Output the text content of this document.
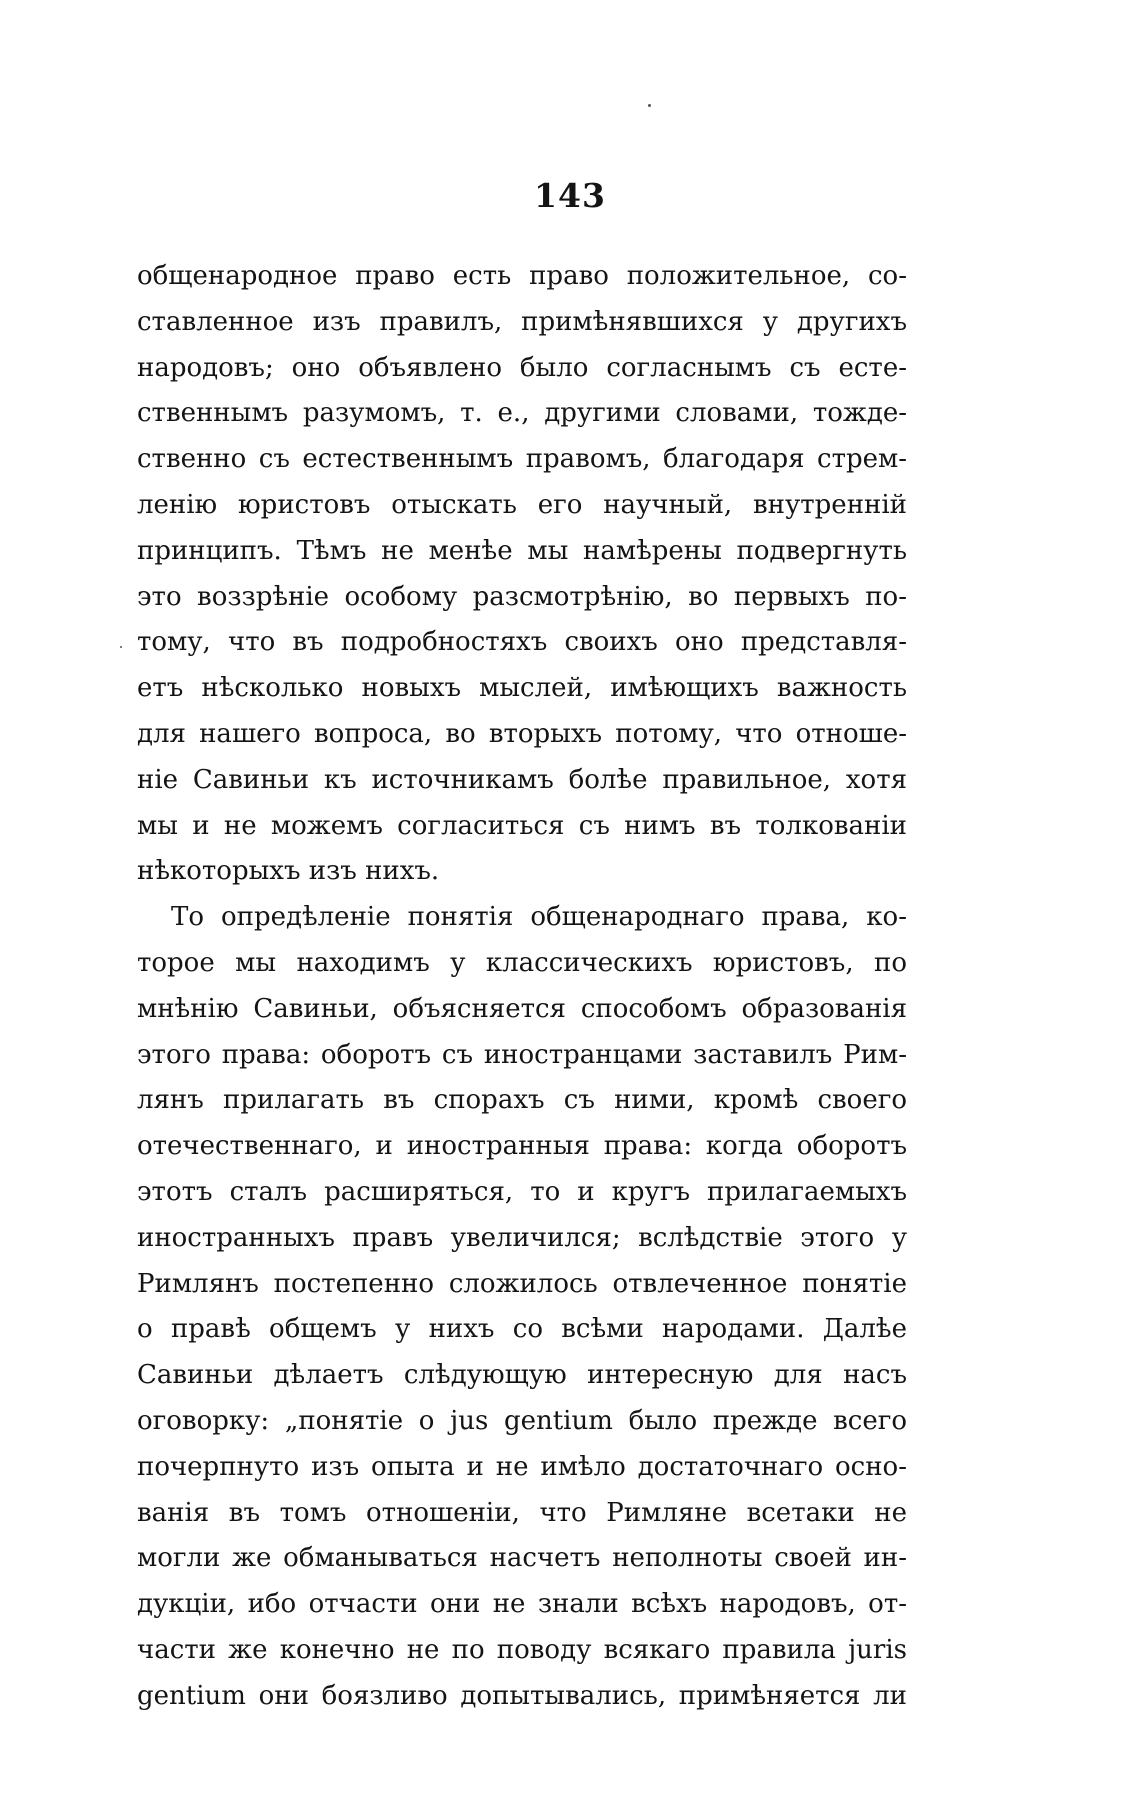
143
общенародное право есть право положительное, со-
ставленное изъ правилъ, примѣнявшихся у другихъ
народовъ; оно объявлено было согласнымъ съ есте-
ственнымъ разумомъ, т. е., другими словами, тожде-
ственно съ естественнымъ правомъ, благодаря стрем-
ленію юристовъ отыскать его научный, внутренній
принципъ. Тѣмъ не менѣе мы намѣрены подвергнуть
это воззрѣніе особому разсмотрѣнію, во первыхъ по-
тому, что въ подробностяхъ своихъ оно представля-
етъ нѣсколько новыхъ мыслей, имѣющихъ важность
для нашего вопроса, во вторыхъ потому, что отноше-
ніе Савиньи къ источникамъ болѣе правильное, хотя
мы и не можемъ согласиться съ нимъ въ толкованіи
нѣкоторыхъ изъ нихъ.
То опредѣленіе понятія общенароднаго права, ко-
торое мы находимъ у классическихъ юристовъ, по
мнѣнію Савиньи, объясняется способомъ образованія
этого права: оборотъ съ иностранцами заставилъ Рим-
лянъ прилагать въ спорахъ съ ними, кромѣ своего
отечественнаго, и иностранныя права: когда оборотъ
этотъ сталъ расширяться, то и кругъ прилагаемыхъ
иностранныхъ правъ увеличился; вслѣдствіе этого у
Римлянъ постепенно сложилось отвлеченное понятіе
о правѣ общемъ у нихъ со всѣми народами. Далѣе
Савиньи дѣлаетъ слѣдующую интересную для насъ
оговорку: „понятіе о jus gentium было прежде всего
почерпнуто изъ опыта и не имѣло достаточнаго осно-
ванія въ томъ отношеніи, что Римляне всетаки не
могли же обманываться насчетъ неполноты своей ин-
дукціи, ибо отчасти они не знали всѣхъ народовъ, от-
части же конечно не по поводу всякаго правила juris
gentium они боязливо допытывались, примѣняется ли
